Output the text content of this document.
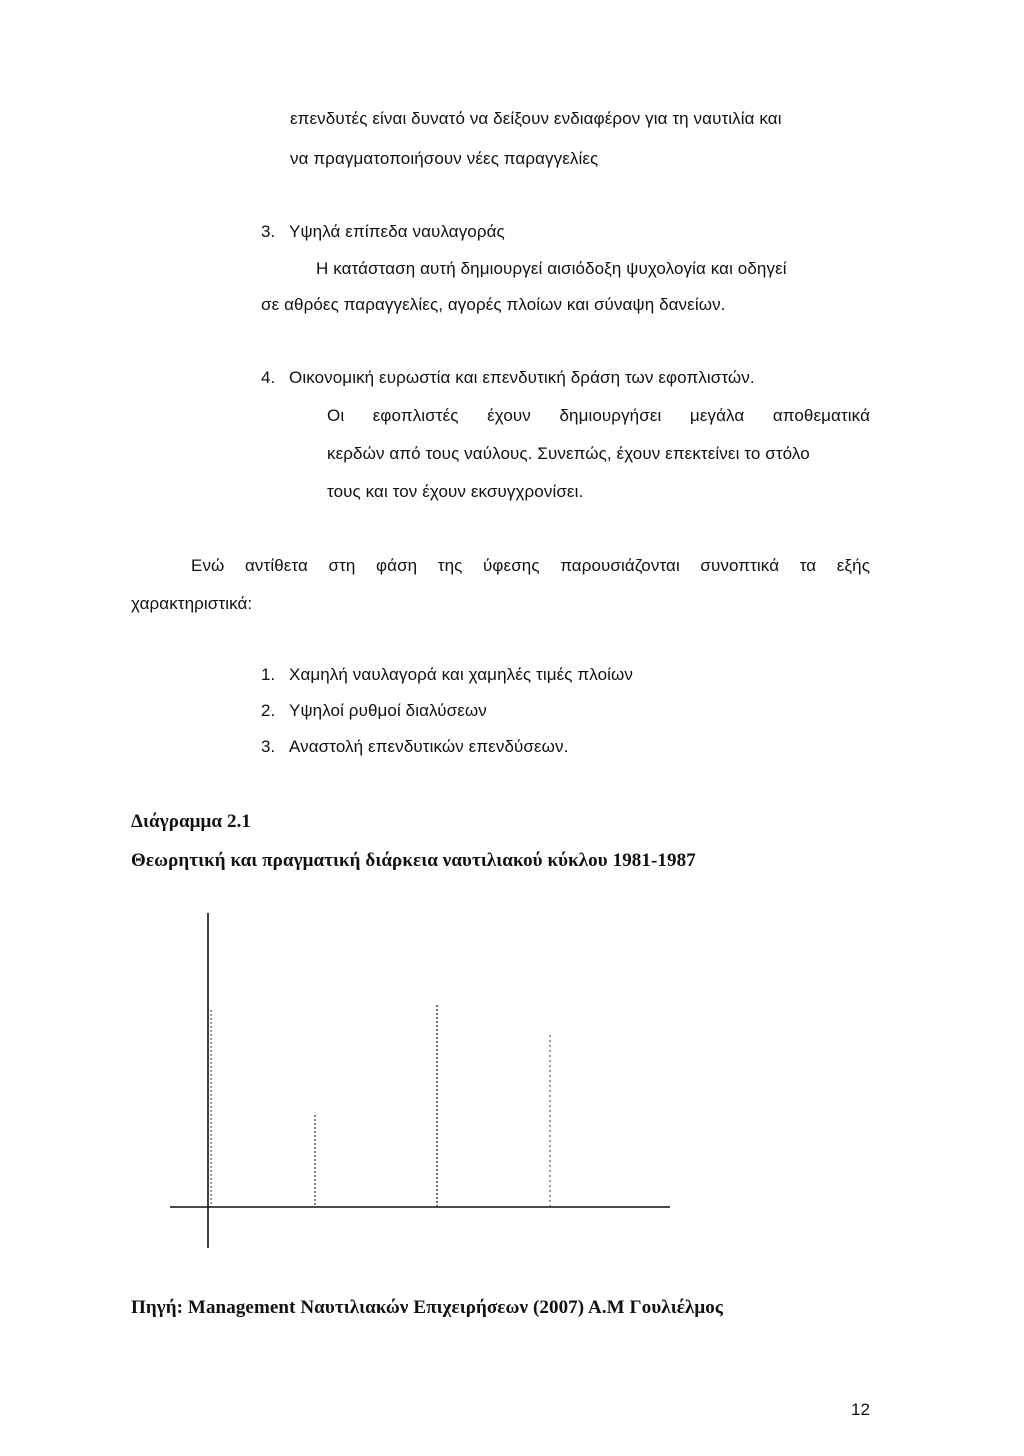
επενδυτές είναι δυνατό να δείξουν ενδιαφέρον για τη ναυτιλία και
να πραγματοποιήσουν νέες παραγγελίες
3. Υψηλά επίπεδα ναυλαγοράς
Η κατάσταση αυτή δημιουργεί αισιόδοξη ψυχολογία και οδηγεί
σε αθρόες παραγγελίες, αγορές πλοίων και σύναψη δανείων.
4. Οικονομική ευρωστία και επενδυτική δράση των εφοπλιστών.
Οι εφοπλιστές έχουν δημιουργήσει μεγάλα αποθεματικά
κερδών από τους ναύλους. Συνεπώς, έχουν επεκτείνει το στόλο
τους και τον έχουν εκσυγχρονίσει.
Ενώ αντίθετα στη φάση της ύφεσης παρουσιάζονται συνοπτικά τα εξής
χαρακτηριστικά:
1. Χαμηλή ναυλαγορά και χαμηλές τιμές πλοίων
2. Υψηλοί ρυθμοί διαλύσεων
3. Αναστολή επενδυτικών επενδύσεων.
Διάγραμμα 2.1
Θεωρητική και πραγματική διάρκεια ναυτιλιακού κύκλου 1981-1987
Πηγή: Management Ναυτιλιακών Επιχειρήσεων (2007) Α.Μ Γουλιέλμος
12
